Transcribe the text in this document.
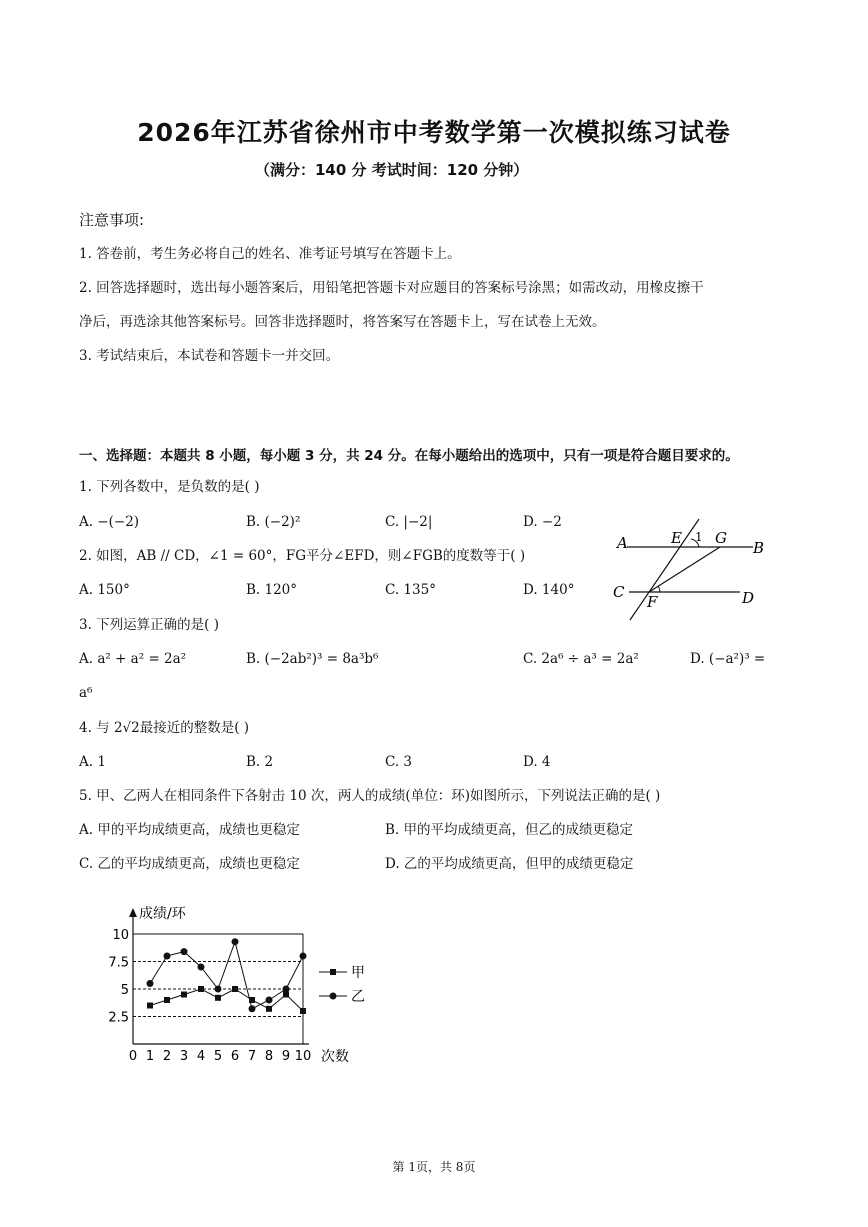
2026年江苏省徐州市中考数学第一次模拟练习试卷
（满分：140 分 考试时间：120 分钟）
注意事项:
1. 答卷前，考生务必将自己的姓名、准考证号填写在答题卡上。
2. 回答选择题时，选出每小题答案后，用铅笔把答题卡对应题目的答案标号涂黑；如需改动，用橡皮擦干
净后，再选涂其他答案标号。回答非选择题时，将答案写在答题卡上，写在试卷上无效。
3. 考试结束后，本试卷和答题卡一并交回。
一、选择题：本题共 8 小题，每小题 3 分，共 24 分。在每小题给出的选项中，只有一项是符合题目要求的。
1. 下列各数中，是负数的是( )
A. −(−2)	B. (−2)²	C. |−2|	D. −2
2. 如图，AB // CD，∠1 = 60°，FG平分∠EFD，则∠FGB的度数等于( )
A. 150°	B. 120°	C. 135°	D. 140°
A	E 1 G
B
C
F	D
3. 下列运算正确的是( )
A. a² + a² = 2a²	B. (−2ab²)³ = 8a³b⁶	C. 2a⁶ ÷ a³ = 2a²	D. (−a²)³ =
a⁶
4. 与 2√2最接近的整数是( )
A. 1	B. 2	C. 3	D. 4
5. 甲、乙两人在相同条件下各射击 10 次，两人的成绩(单位：环)如图所示，下列说法正确的是( )
A. 甲的平均成绩更高，成绩也更稳定	B. 甲的平均成绩更高，但乙的成绩更稳定
C. 乙的平均成绩更高，成绩也更稳定	D. 乙的平均成绩更高，但甲的成绩更稳定
2.5
5
7.5
10
0 1 2 3 4 5 6 7 8 9 10
成绩/环
次数
甲
乙
第 1页，共 8页
